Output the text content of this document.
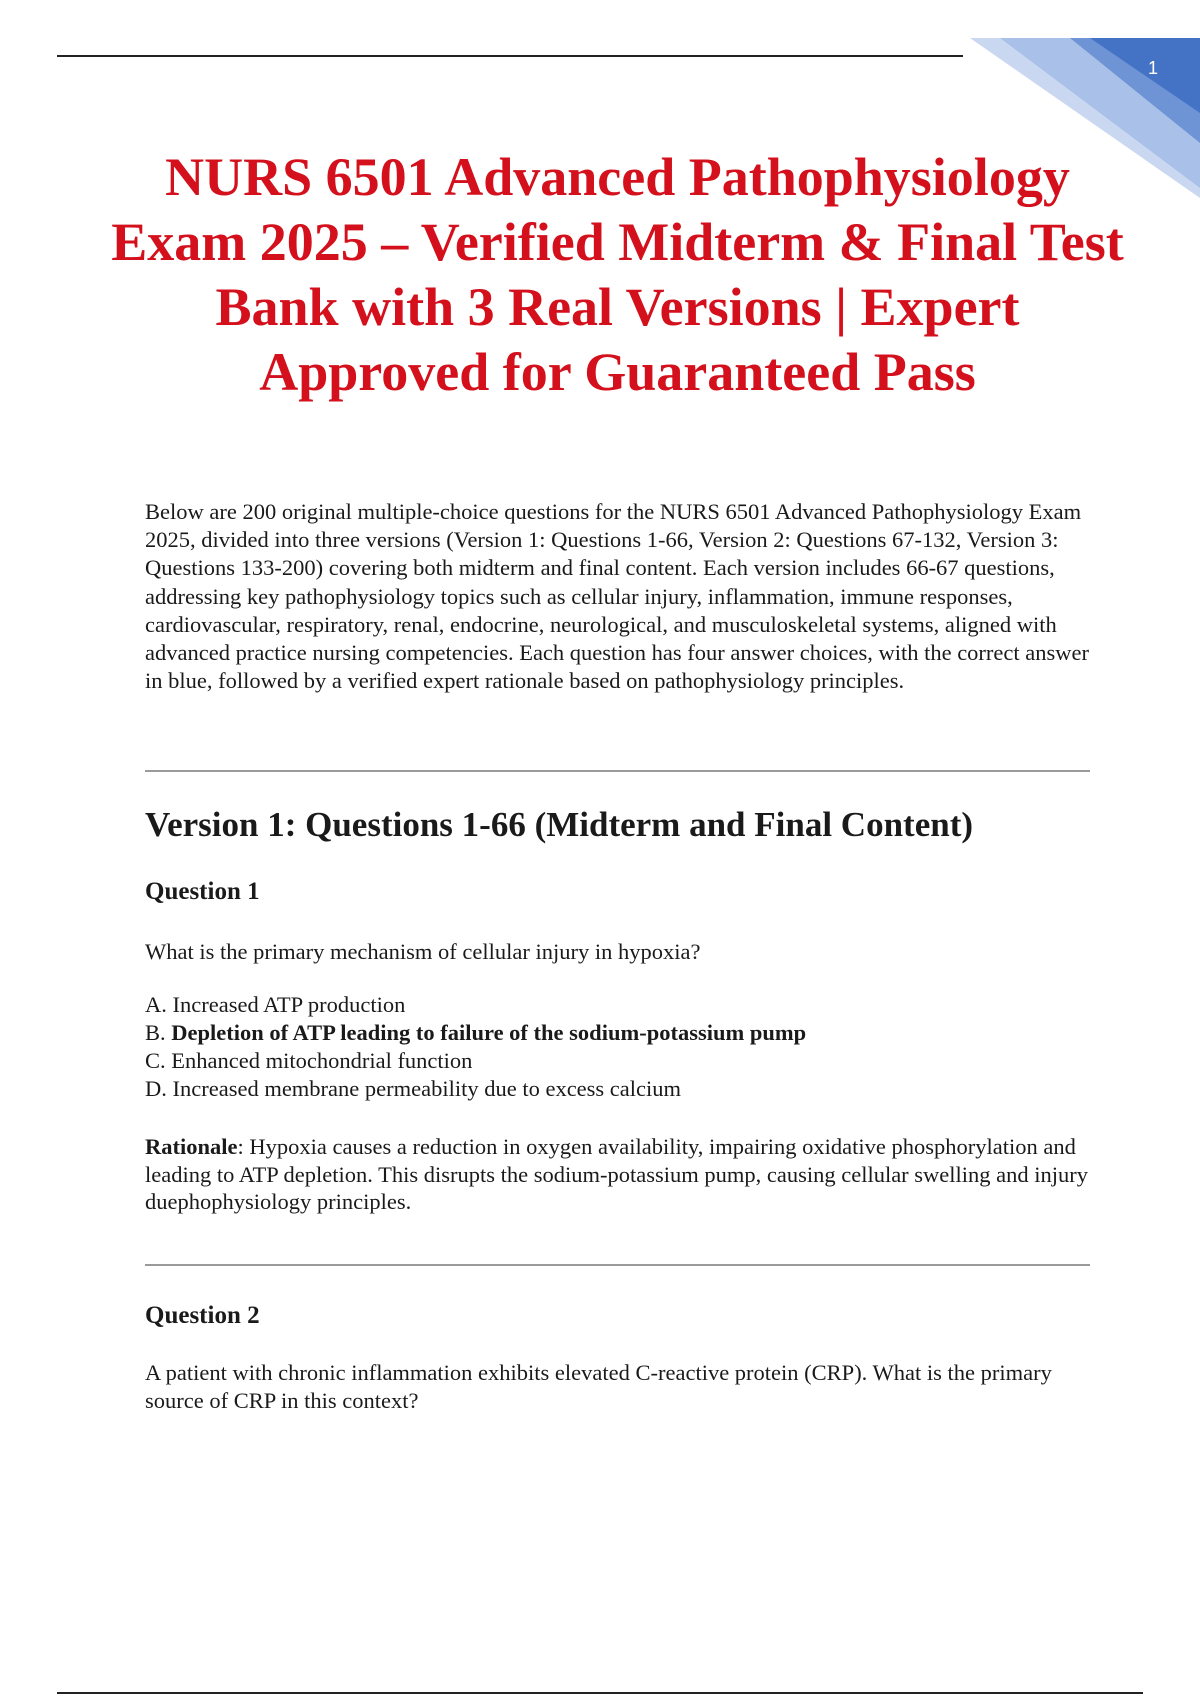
1
NURS 6501 Advanced Pathophysiology Exam 2025 – Verified Midterm & Final Test Bank with 3 Real Versions | Expert Approved for Guaranteed Pass

Below are 200 original multiple-choice questions for the NURS 6501 Advanced Pathophysiology Exam 2025, divided into three versions (Version 1: Questions 1-66, Version 2: Questions 67-132, Version 3: Questions 133-200) covering both midterm and final content. Each version includes 66-67 questions, addressing key pathophysiology topics such as cellular injury, inflammation, immune responses, cardiovascular, respiratory, renal, endocrine, neurological, and musculoskeletal systems, aligned with advanced practice nursing competencies. Each question has four answer choices, with the correct answer in blue, followed by a verified expert rationale based on pathophysiology principles.

Version 1: Questions 1-66 (Midterm and Final Content)
Question 1

What is the primary mechanism of cellular injury in hypoxia?

A. Increased ATP production
B. Depletion of ATP leading to failure of the sodium-potassium pump
C. Enhanced mitochondrial function
D. Increased membrane permeability due to excess calcium

Rationale: Hypoxia causes a reduction in oxygen availability, impairing oxidative phosphorylation and leading to ATP depletion. This disrupts the sodium-potassium pump, causing cellular swelling and injury duephophysiology principles.

Question 2

A patient with chronic inflammation exhibits elevated C-reactive protein (CRP). What is the primary source of CRP in this context?
